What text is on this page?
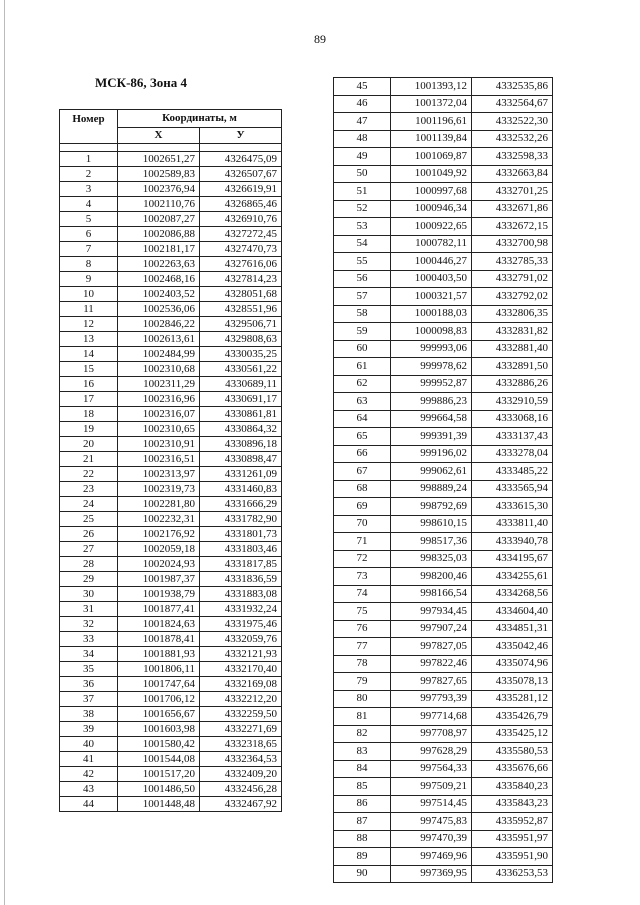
89
МСК-86, Зона 4
Номер	Координаты, м	
	X	У

1	1002651,27	4326475,09
2	1002589,83	4326507,67
3	1002376,94	4326619,91
4	1002110,76	4326865,46
5	1002087,27	4326910,76
6	1002086,88	4327272,45
7	1002181,17	4327470,73
8	1002263,63	4327616,06
9	1002468,16	4327814,23
10	1002403,52	4328051,68
11	1002536,06	4328551,96
12	1002846,22	4329506,71
13	1002613,61	4329808,63
14	1002484,99	4330035,25
15	1002310,68	4330561,22
16	1002311,29	4330689,11
17	1002316,96	4330691,17
18	1002316,07	4330861,81
19	1002310,65	4330864,32
20	1002310,91	4330896,18
21	1002316,51	4330898,47
22	1002313,97	4331261,09
23	1002319,73	4331460,83
24	1002281,80	4331666,29
25	1002232,31	4331782,90
26	1002176,92	4331801,73
27	1002059,18	4331803,46
28	1002024,93	4331817,85
29	1001987,37	4331836,59
30	1001938,79	4331883,08
31	1001877,41	4331932,24
32	1001824,63	4331975,46
33	1001878,41	4332059,76
34	1001881,93	4332121,93
35	1001806,11	4332170,40
36	1001747,64	4332169,08
37	1001706,12	4332212,20
38	1001656,67	4332259,50
39	1001603,98	4332271,69
40	1001580,42	4332318,65
41	1001544,08	4332364,53
42	1001517,20	4332409,20
43	1001486,50	4332456,28
44	1001448,48	4332467,92
45	1001393,12	4332535,86
46	1001372,04	4332564,67
47	1001196,61	4332522,30
48	1001139,84	4332532,26
49	1001069,87	4332598,33
50	1001049,92	4332663,84
51	1000997,68	4332701,25
52	1000946,34	4332671,86
53	1000922,65	4332672,15
54	1000782,11	4332700,98
55	1000446,27	4332785,33
56	1000403,50	4332791,02
57	1000321,57	4332792,02
58	1000188,03	4332806,35
59	1000098,83	4332831,82
60	999993,06	4332881,40
61	999978,62	4332891,50
62	999952,87	4332886,26
63	999886,23	4332910,59
64	999664,58	4333068,16
65	999391,39	4333137,43
66	999196,02	4333278,04
67	999062,61	4333485,22
68	998889,24	4333565,94
69	998792,69	4333615,30
70	998610,15	4333811,40
71	998517,36	4333940,78
72	998325,03	4334195,67
73	998200,46	4334255,61
74	998166,54	4334268,56
75	997934,45	4334604,40
76	997907,24	4334851,31
77	997827,05	4335042,46
78	997822,46	4335074,96
79	997827,65	4335078,13
80	997793,39	4335281,12
81	997714,68	4335426,79
82	997708,97	4335425,12
83	997628,29	4335580,53
84	997564,33	4335676,66
85	997509,21	4335840,23
86	997514,45	4335843,23
87	997475,83	4335952,87
88	997470,39	4335951,97
89	997469,96	4335951,90
90	997369,95	4336253,53
